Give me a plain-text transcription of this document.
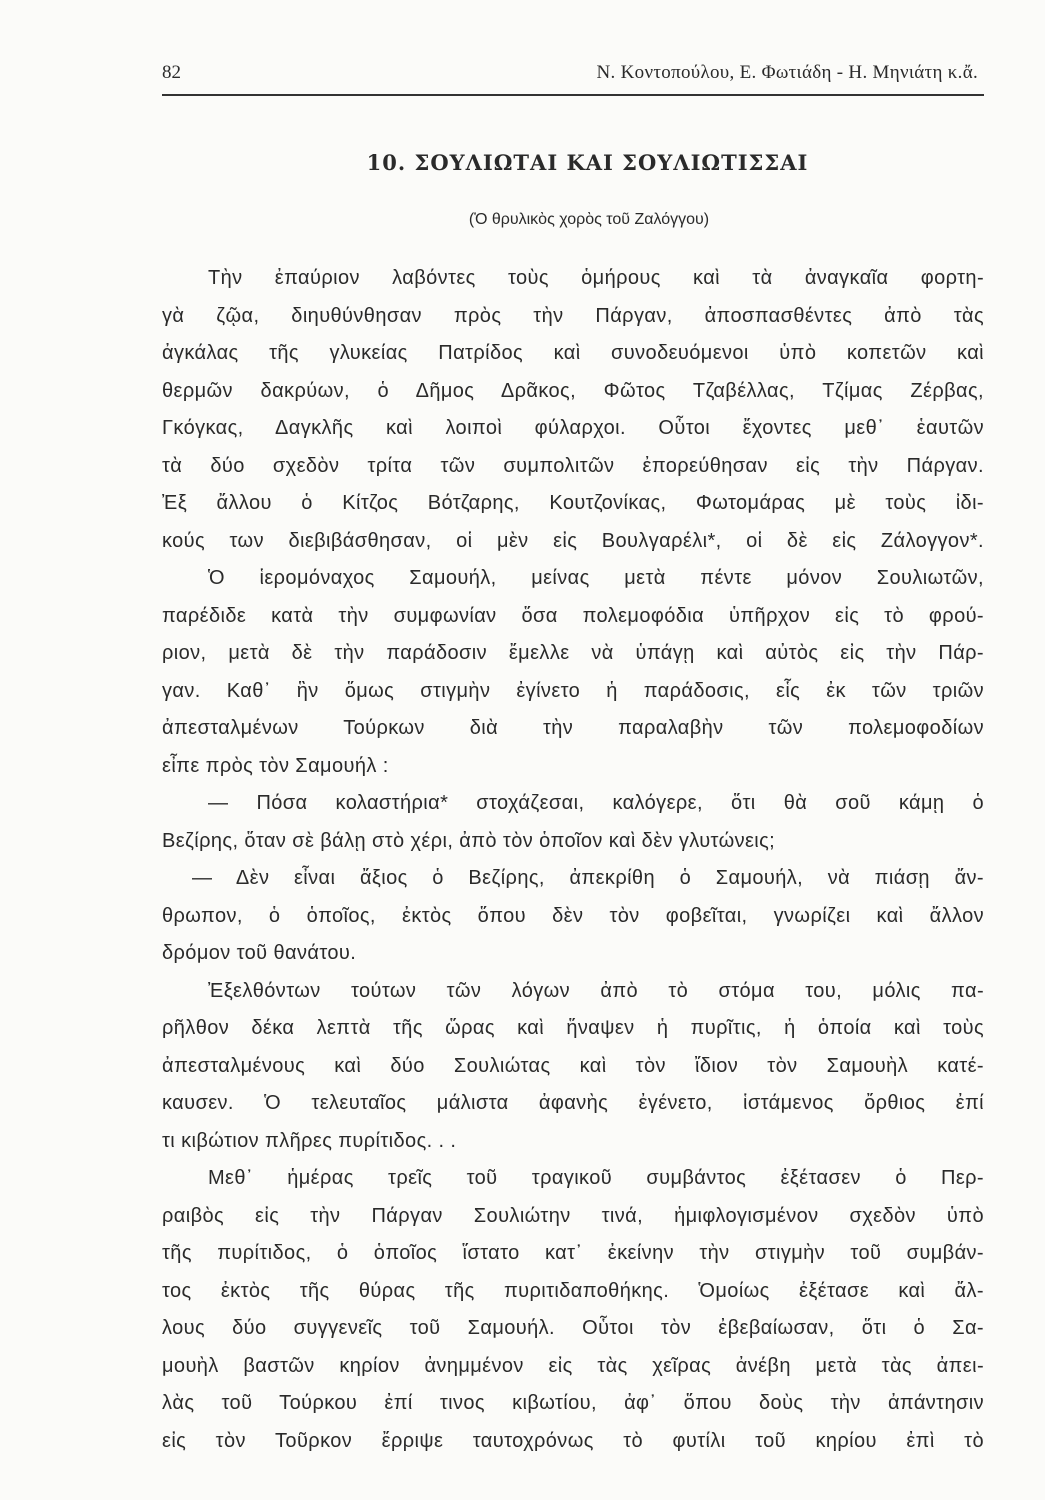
82	Ν. Κοντοπούλου, Ε. Φωτιάδη - Η. Μηνιάτη κ.ἄ.
10. ΣΟΥΛΙΩΤΑΙ ΚΑΙ ΣΟΥΛΙΩΤΙΣΣΑΙ
(Ὁ θρυλικὸς χορὸς τοῦ Ζαλόγγου)
Τὴν ἐπαύριον λαβόντες τοὺς ὁμήρους καὶ τὰ ἀναγκαῖα φορτη-
γὰ ζῷα, διηυθύνθησαν πρὸς τὴν Πάργαν, ἀποσπασθέντες ἀπὸ τὰς
ἀγκάλας τῆς γλυκείας Πατρίδος καὶ συνοδευόμενοι ὑπὸ κοπετῶν καὶ
θερμῶν δακρύων, ὁ Δῆμος Δρᾶκος, Φῶτος Τζαβέλλας, Τζίμας Ζέρβας,
Γκόγκας, Δαγκλῆς καὶ λοιποὶ φύλαρχοι. Οὗτοι ἔχοντες μεθ᾽ ἑαυτῶν
τὰ δύο σχεδὸν τρίτα τῶν συμπολιτῶν ἐπορεύθησαν εἰς τὴν Πάργαν.
Ἐξ ἄλλου ὁ Κίτζος Βότζαρης, Κουτζονίκας, Φωτομάρας μὲ τοὺς ἰδι-
κούς των διεβιβάσθησαν, οἱ μὲν εἰς Βουλγαρέλι*, οἱ δὲ εἰς Ζάλογγον*.
Ὁ ἱερομόναχος Σαμουήλ, μείνας μετὰ πέντε μόνον Σουλιωτῶν,
παρέδιδε κατὰ τὴν συμφωνίαν ὅσα πολεμοφόδια ὑπῆρχον εἰς τὸ φρού-
ριον, μετὰ δὲ τὴν παράδοσιν ἔμελλε νὰ ὑπάγῃ καὶ αὐτὸς εἰς τὴν Πάρ-
γαν. Καθ᾽ ἣν ὅμως στιγμὴν ἐγίνετο ἡ παράδοσις, εἷς ἐκ τῶν τριῶν
ἀπεσταλμένων Τούρκων διὰ τὴν παραλαβὴν τῶν πολεμοφοδίων
εἶπε πρὸς τὸν Σαμουήλ :
— Πόσα κολαστήρια* στοχάζεσαι, καλόγερε, ὅτι θὰ σοῦ κάμῃ ὁ
Βεζίρης, ὅταν σὲ βάλῃ στὸ χέρι, ἀπὸ τὸν ὁποῖον καὶ δὲν γλυτώνεις;
— Δὲν εἶναι ἄξιος ὁ Βεζίρης, ἀπεκρίθη ὁ Σαμουήλ, νὰ πιάσῃ ἄν-
θρωπον, ὁ ὁποῖος, ἐκτὸς ὅπου δὲν τὸν φοβεῖται, γνωρίζει καὶ ἄλλον
δρόμον τοῦ θανάτου.
Ἐξελθόντων τούτων τῶν λόγων ἀπὸ τὸ στόμα του, μόλις πα-
ρῆλθον δέκα λεπτὰ τῆς ὥρας καὶ ἥναψεν ἡ πυρῖτις, ἡ ὁποία καὶ τοὺς
ἀπεσταλμένους καὶ δύο Σουλιώτας καὶ τὸν ἴδιον τὸν Σαμουὴλ κατέ-
καυσεν. Ὁ τελευταῖος μάλιστα ἀφανὴς ἐγένετο, ἱστάμενος ὄρθιος ἐπί
τι κιβώτιον πλῆρες πυρίτιδος. . .
Μεθ᾽ ἡμέρας τρεῖς τοῦ τραγικοῦ συμβάντος ἐξέτασεν ὁ Περ-
ραιβὸς εἰς τὴν Πάργαν Σουλιώτην τινά, ἡμιφλογισμένον σχεδὸν ὑπὸ
τῆς πυρίτιδος, ὁ ὁποῖος ἵστατο κατ᾽ ἐκείνην τὴν στιγμὴν τοῦ συμβάν-
τος ἐκτὸς τῆς θύρας τῆς πυριτιδαποθήκης. Ὁμοίως ἐξέτασε καὶ ἄλ-
λους δύο συγγενεῖς τοῦ Σαμουήλ. Οὗτοι τὸν ἐβεβαίωσαν, ὅτι ὁ Σα-
μουὴλ βαστῶν κηρίον ἀνημμένον εἰς τὰς χεῖρας ἀνέβη μετὰ τὰς ἀπει-
λὰς τοῦ Τούρκου ἐπί τινος κιβωτίου, ἀφ᾽ ὅπου δοὺς τὴν ἀπάντησιν
εἰς τὸν Τοῦρκον ἔρριψε ταυτοχρόνως τὸ φυτίλι τοῦ κηρίου ἐπὶ τὸ
